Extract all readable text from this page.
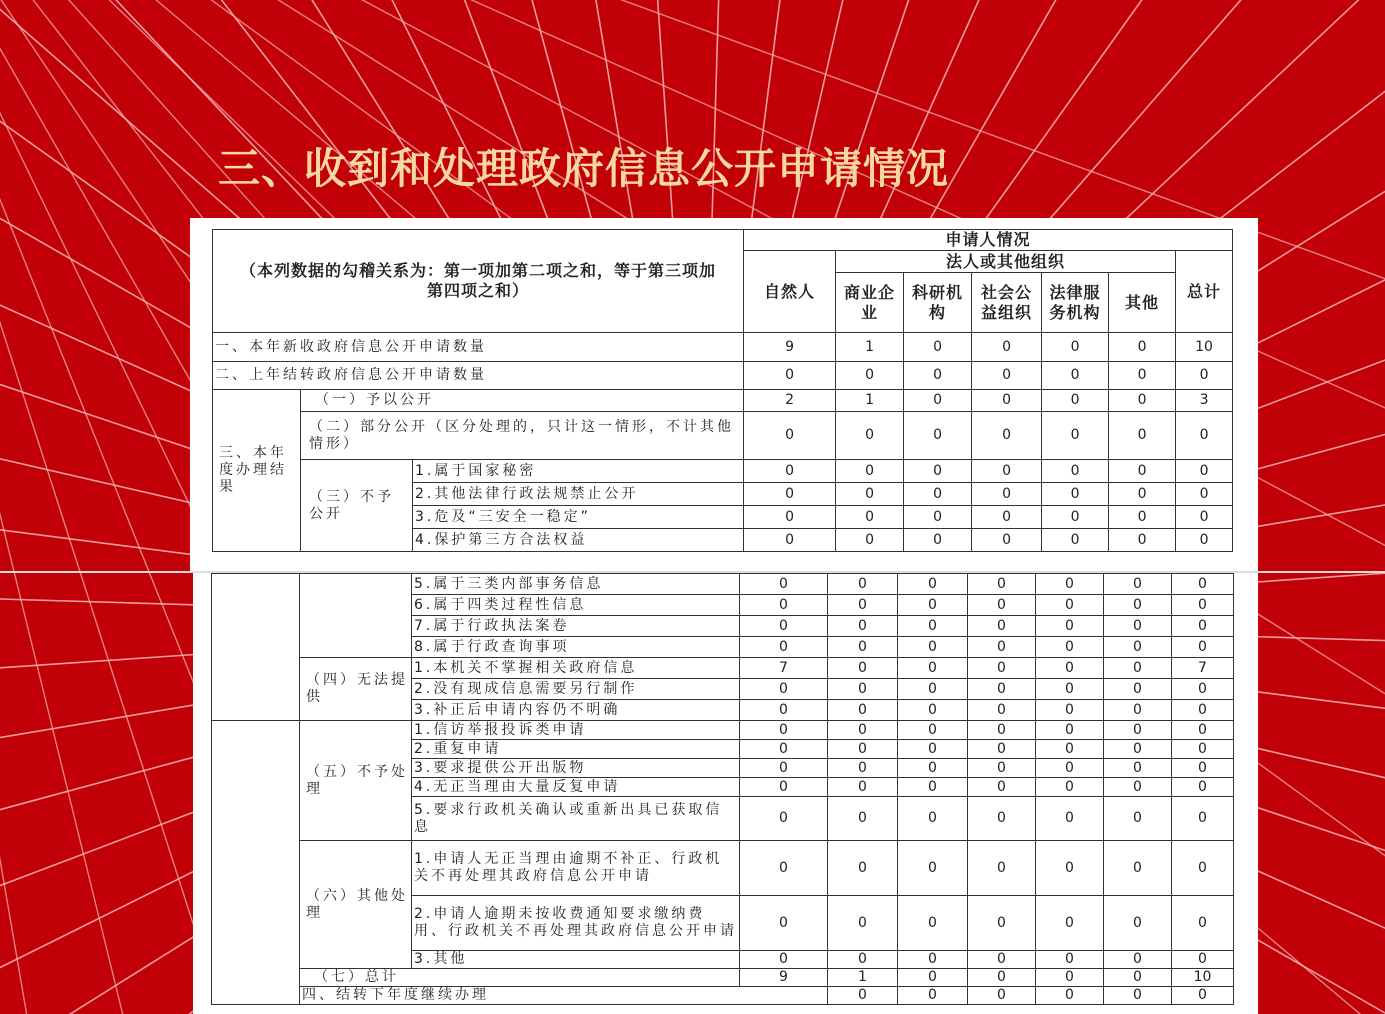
三、收到和处理政府信息公开申请情况
（本列数据的勾稽关系为：第一项加第二项之和，等于第三项加第四项之和）			申请人情况						
			自然人	法人或其他组织					总计
				商业企业	科研机构	社会公益组织	法律服务机构	其他	
一、本年新收政府信息公开申请数量			9	1	0	0	0	0	10
二、上年结转政府信息公开申请数量			0	0	0	0	0	0	0
三、本年度办理结果	（一）予以公开		2	1	0	0	0	0	3
	（二）部分公开（区分处理的，只计这一情形，不计其他情形）		0	0	0	0	0	0	0
	（三）不予公开	1.属于国家秘密	0	0	0	0	0	0	0
		2.其他法律行政法规禁止公开	0	0	0	0	0	0	0
		3.危及“三安全一稳定”	0	0	0	0	0	0	0
		4.保护第三方合法权益	0	0	0	0	0	0	0
		5.属于三类内部事务信息	0	0	0	0	0	0	0	
		6.属于四类过程性信息	0	0	0	0	0	0	0	
		7.属于行政执法案卷	0	0	0	0	0	0	0	
		8.属于行政查询事项	0	0	0	0	0	0	0	
	（四）无法提供	1.本机关不掌握相关政府信息	7	0	0	0	0	0	7	
		2.没有现成信息需要另行制作	0	0	0	0	0	0	0	
		3.补正后申请内容仍不明确	0	0	0	0	0	0	0	
	（五）不予处理	1.信访举报投诉类申请	0	0	0	0	0	0	0	
		2.重复申请	0	0	0	0	0	0	0	
		3.要求提供公开出版物	0	0	0	0	0	0	0	
		4.无正当理由大量反复申请	0	0	0	0	0	0	0	
		5.要求行政机关确认或重新出具已获取信息	0	0	0	0	0	0	0	
	（六）其他处理	1.申请人无正当理由逾期不补正、行政机关不再处理其政府信息公开申请	0	0	0	0	0	0	0	
		2.申请人逾期未按收费通知要求缴纳费用、行政机关不再处理其政府信息公开申请	0	0	0	0	0	0	0	
		3.其他	0	0	0	0	0	0	0	
	（七）总计		9	1	0	0	0	0	10	
	四、结转下年度继续办理			0	0	0	0	0	0	
